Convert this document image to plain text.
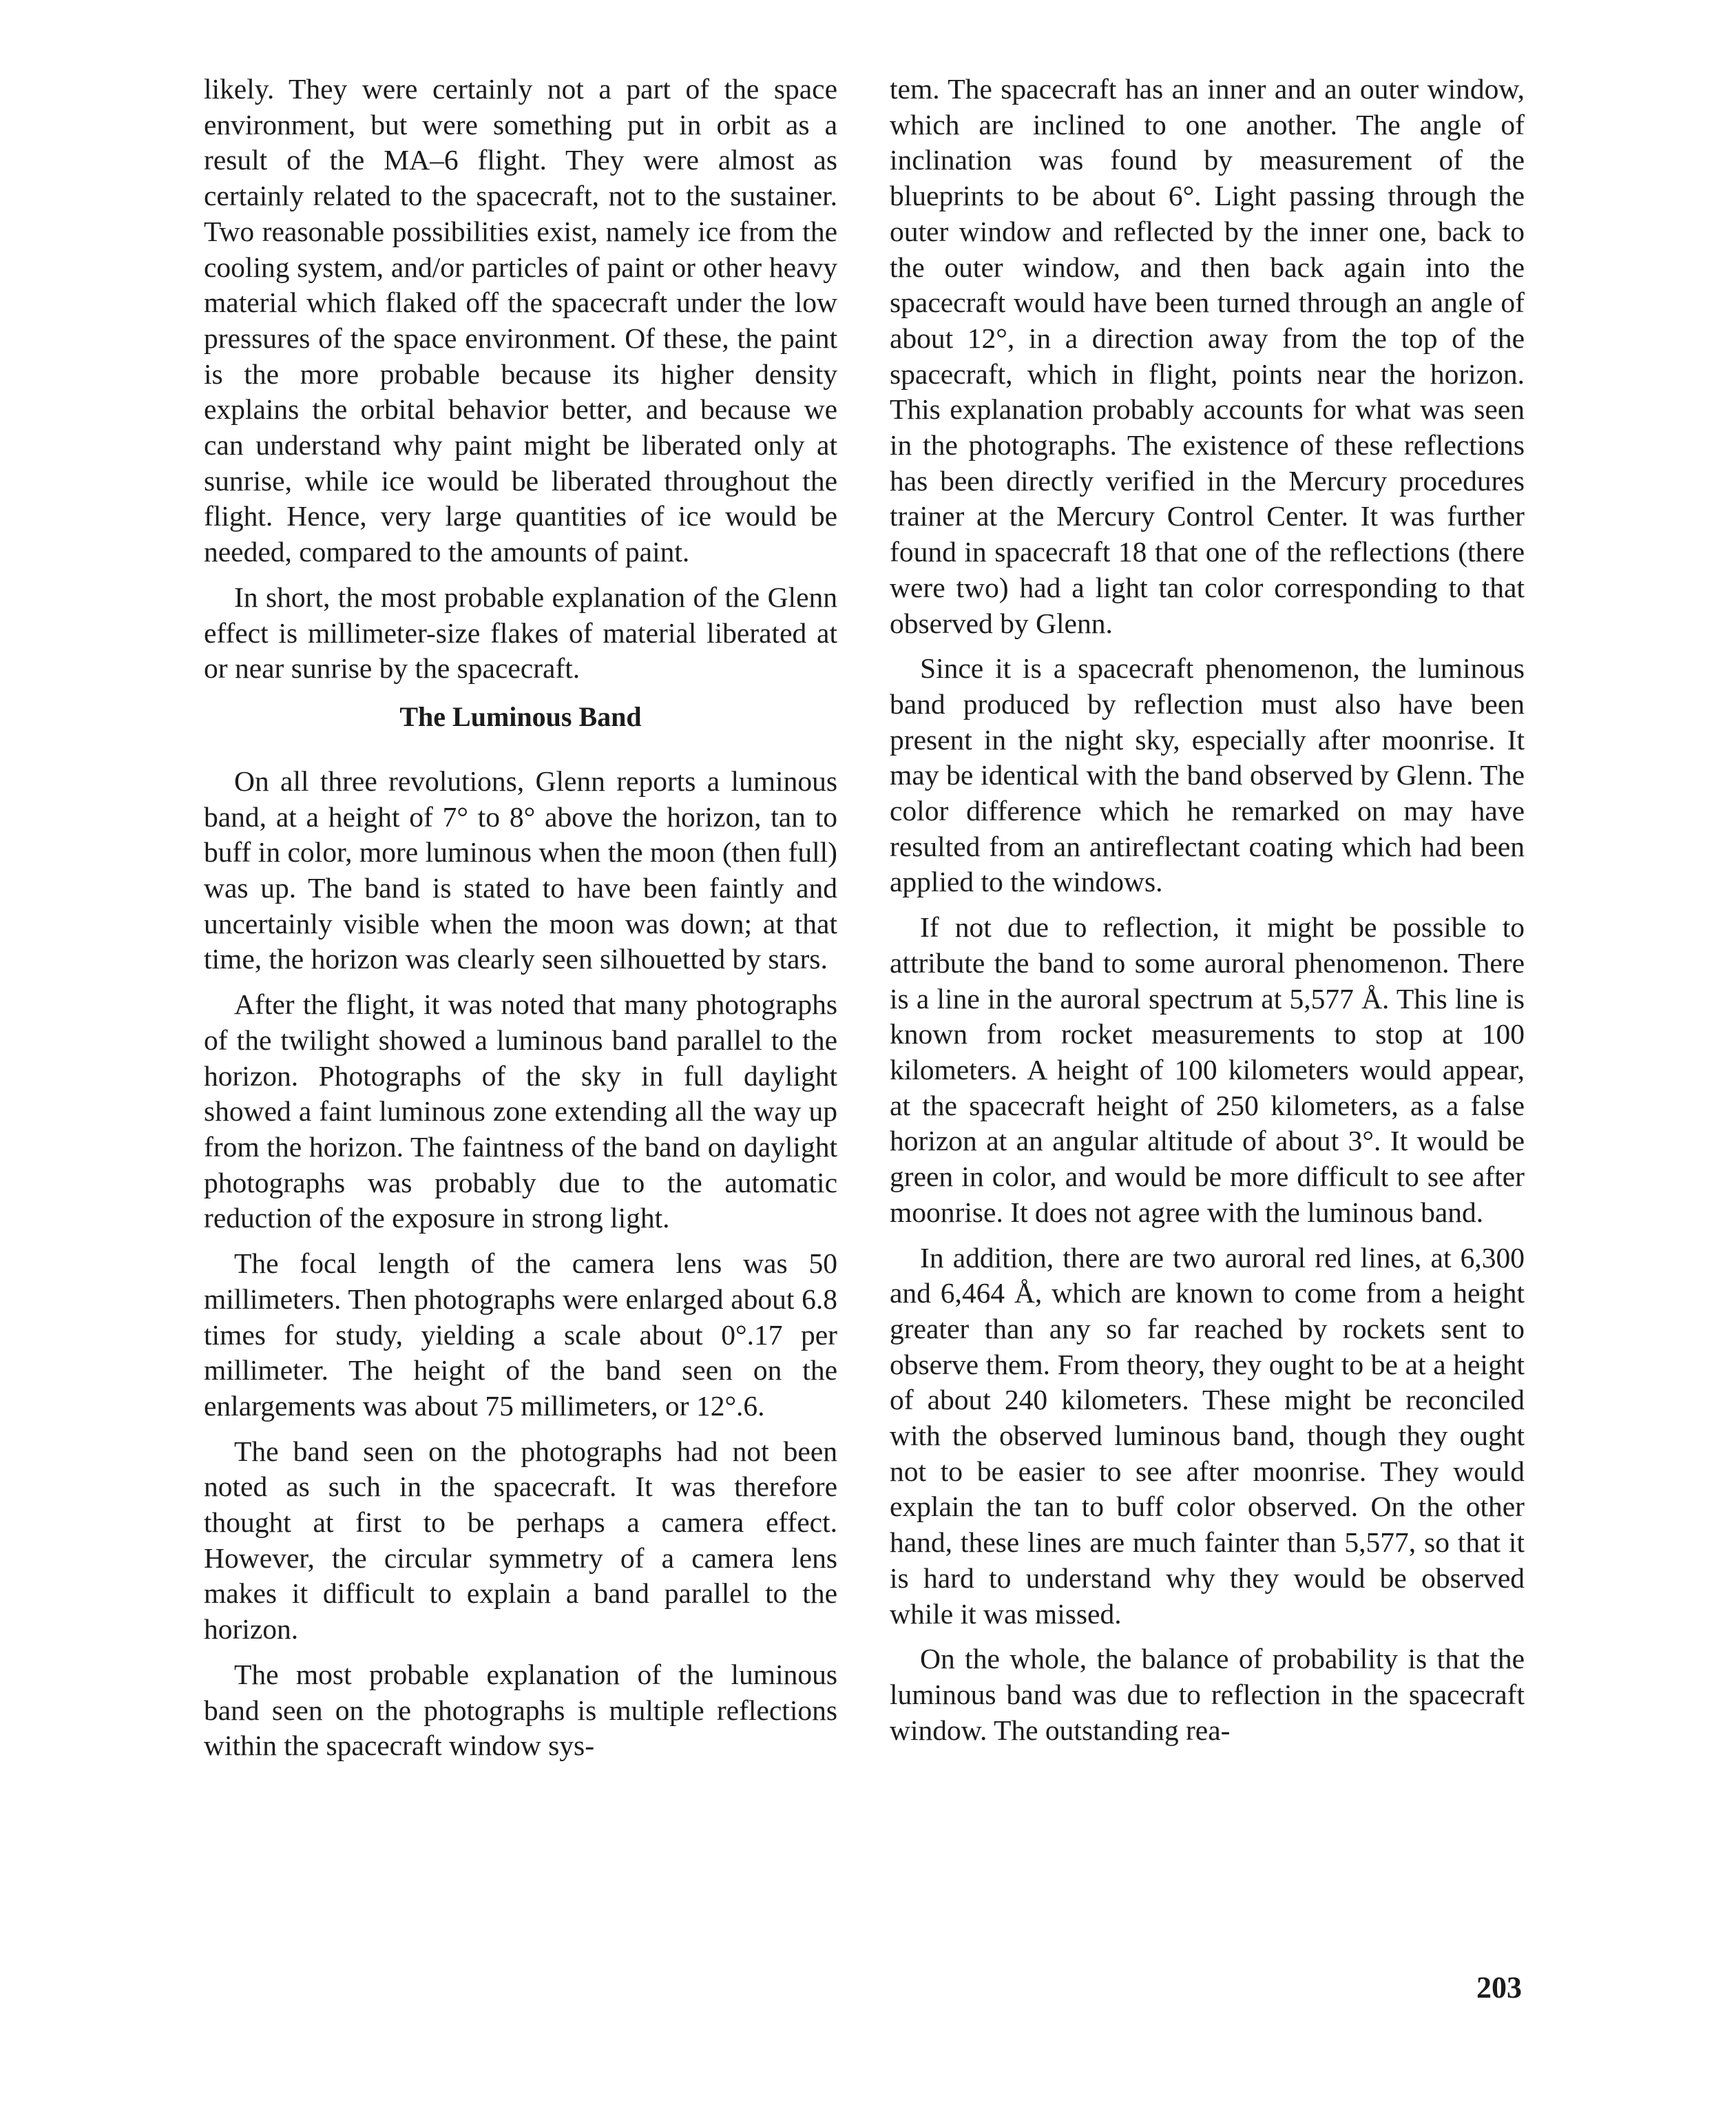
likely. They were certainly not a part of the space environment, but were something put in orbit as a result of the MA–6 flight. They were almost as certainly related to the spacecraft, not to the sustainer. Two reasonable possibilities exist, namely ice from the cooling system, and/or particles of paint or other heavy material which flaked off the spacecraft under the low pressures of the space environment. Of these, the paint is the more probable because its higher density explains the orbital behavior better, and because we can understand why paint might be liberated only at sunrise, while ice would be liberated throughout the flight. Hence, very large quantities of ice would be needed, compared to the amounts of paint.

In short, the most probable explanation of the Glenn effect is millimeter-size flakes of material liberated at or near sunrise by the spacecraft.

The Luminous Band

On all three revolutions, Glenn reports a luminous band, at a height of 7° to 8° above the horizon, tan to buff in color, more luminous when the moon (then full) was up. The band is stated to have been faintly and uncertainly visible when the moon was down; at that time, the horizon was clearly seen silhouetted by stars.

After the flight, it was noted that many photographs of the twilight showed a luminous band parallel to the horizon. Photographs of the sky in full daylight showed a faint luminous zone extending all the way up from the horizon. The faintness of the band on daylight photographs was probably due to the automatic reduction of the exposure in strong light.

The focal length of the camera lens was 50 millimeters. Then photographs were enlarged about 6.8 times for study, yielding a scale about 0°.17 per millimeter. The height of the band seen on the enlargements was about 75 millimeters, or 12°.6.

The band seen on the photographs had not been noted as such in the spacecraft. It was therefore thought at first to be perhaps a camera effect. However, the circular symmetry of a camera lens makes it difficult to explain a band parallel to the horizon.

The most probable explanation of the luminous band seen on the photographs is multiple reflections within the spacecraft window sys-

tem. The spacecraft has an inner and an outer window, which are inclined to one another. The angle of inclination was found by measurement of the blueprints to be about 6°. Light passing through the outer window and reflected by the inner one, back to the outer window, and then back again into the spacecraft would have been turned through an angle of about 12°, in a direction away from the top of the spacecraft, which in flight, points near the horizon. This explanation probably accounts for what was seen in the photographs. The existence of these reflections has been directly verified in the Mercury procedures trainer at the Mercury Control Center. It was further found in spacecraft 18 that one of the reflections (there were two) had a light tan color corresponding to that observed by Glenn.

Since it is a spacecraft phenomenon, the luminous band produced by reflection must also have been present in the night sky, especially after moonrise. It may be identical with the band observed by Glenn. The color difference which he remarked on may have resulted from an antireflectant coating which had been applied to the windows.

If not due to reflection, it might be possible to attribute the band to some auroral phenomenon. There is a line in the auroral spectrum at 5,577 Å. This line is known from rocket measurements to stop at 100 kilometers. A height of 100 kilometers would appear, at the spacecraft height of 250 kilometers, as a false horizon at an angular altitude of about 3°. It would be green in color, and would be more difficult to see after moonrise. It does not agree with the luminous band.

In addition, there are two auroral red lines, at 6,300 and 6,464 Å, which are known to come from a height greater than any so far reached by rockets sent to observe them. From theory, they ought to be at a height of about 240 kilometers. These might be reconciled with the observed luminous band, though they ought not to be easier to see after moonrise. They would explain the tan to buff color observed. On the other hand, these lines are much fainter than 5,577, so that it is hard to understand why they would be observed while it was missed.

On the whole, the balance of probability is that the luminous band was due to reflection in the spacecraft window. The outstanding rea-

203
